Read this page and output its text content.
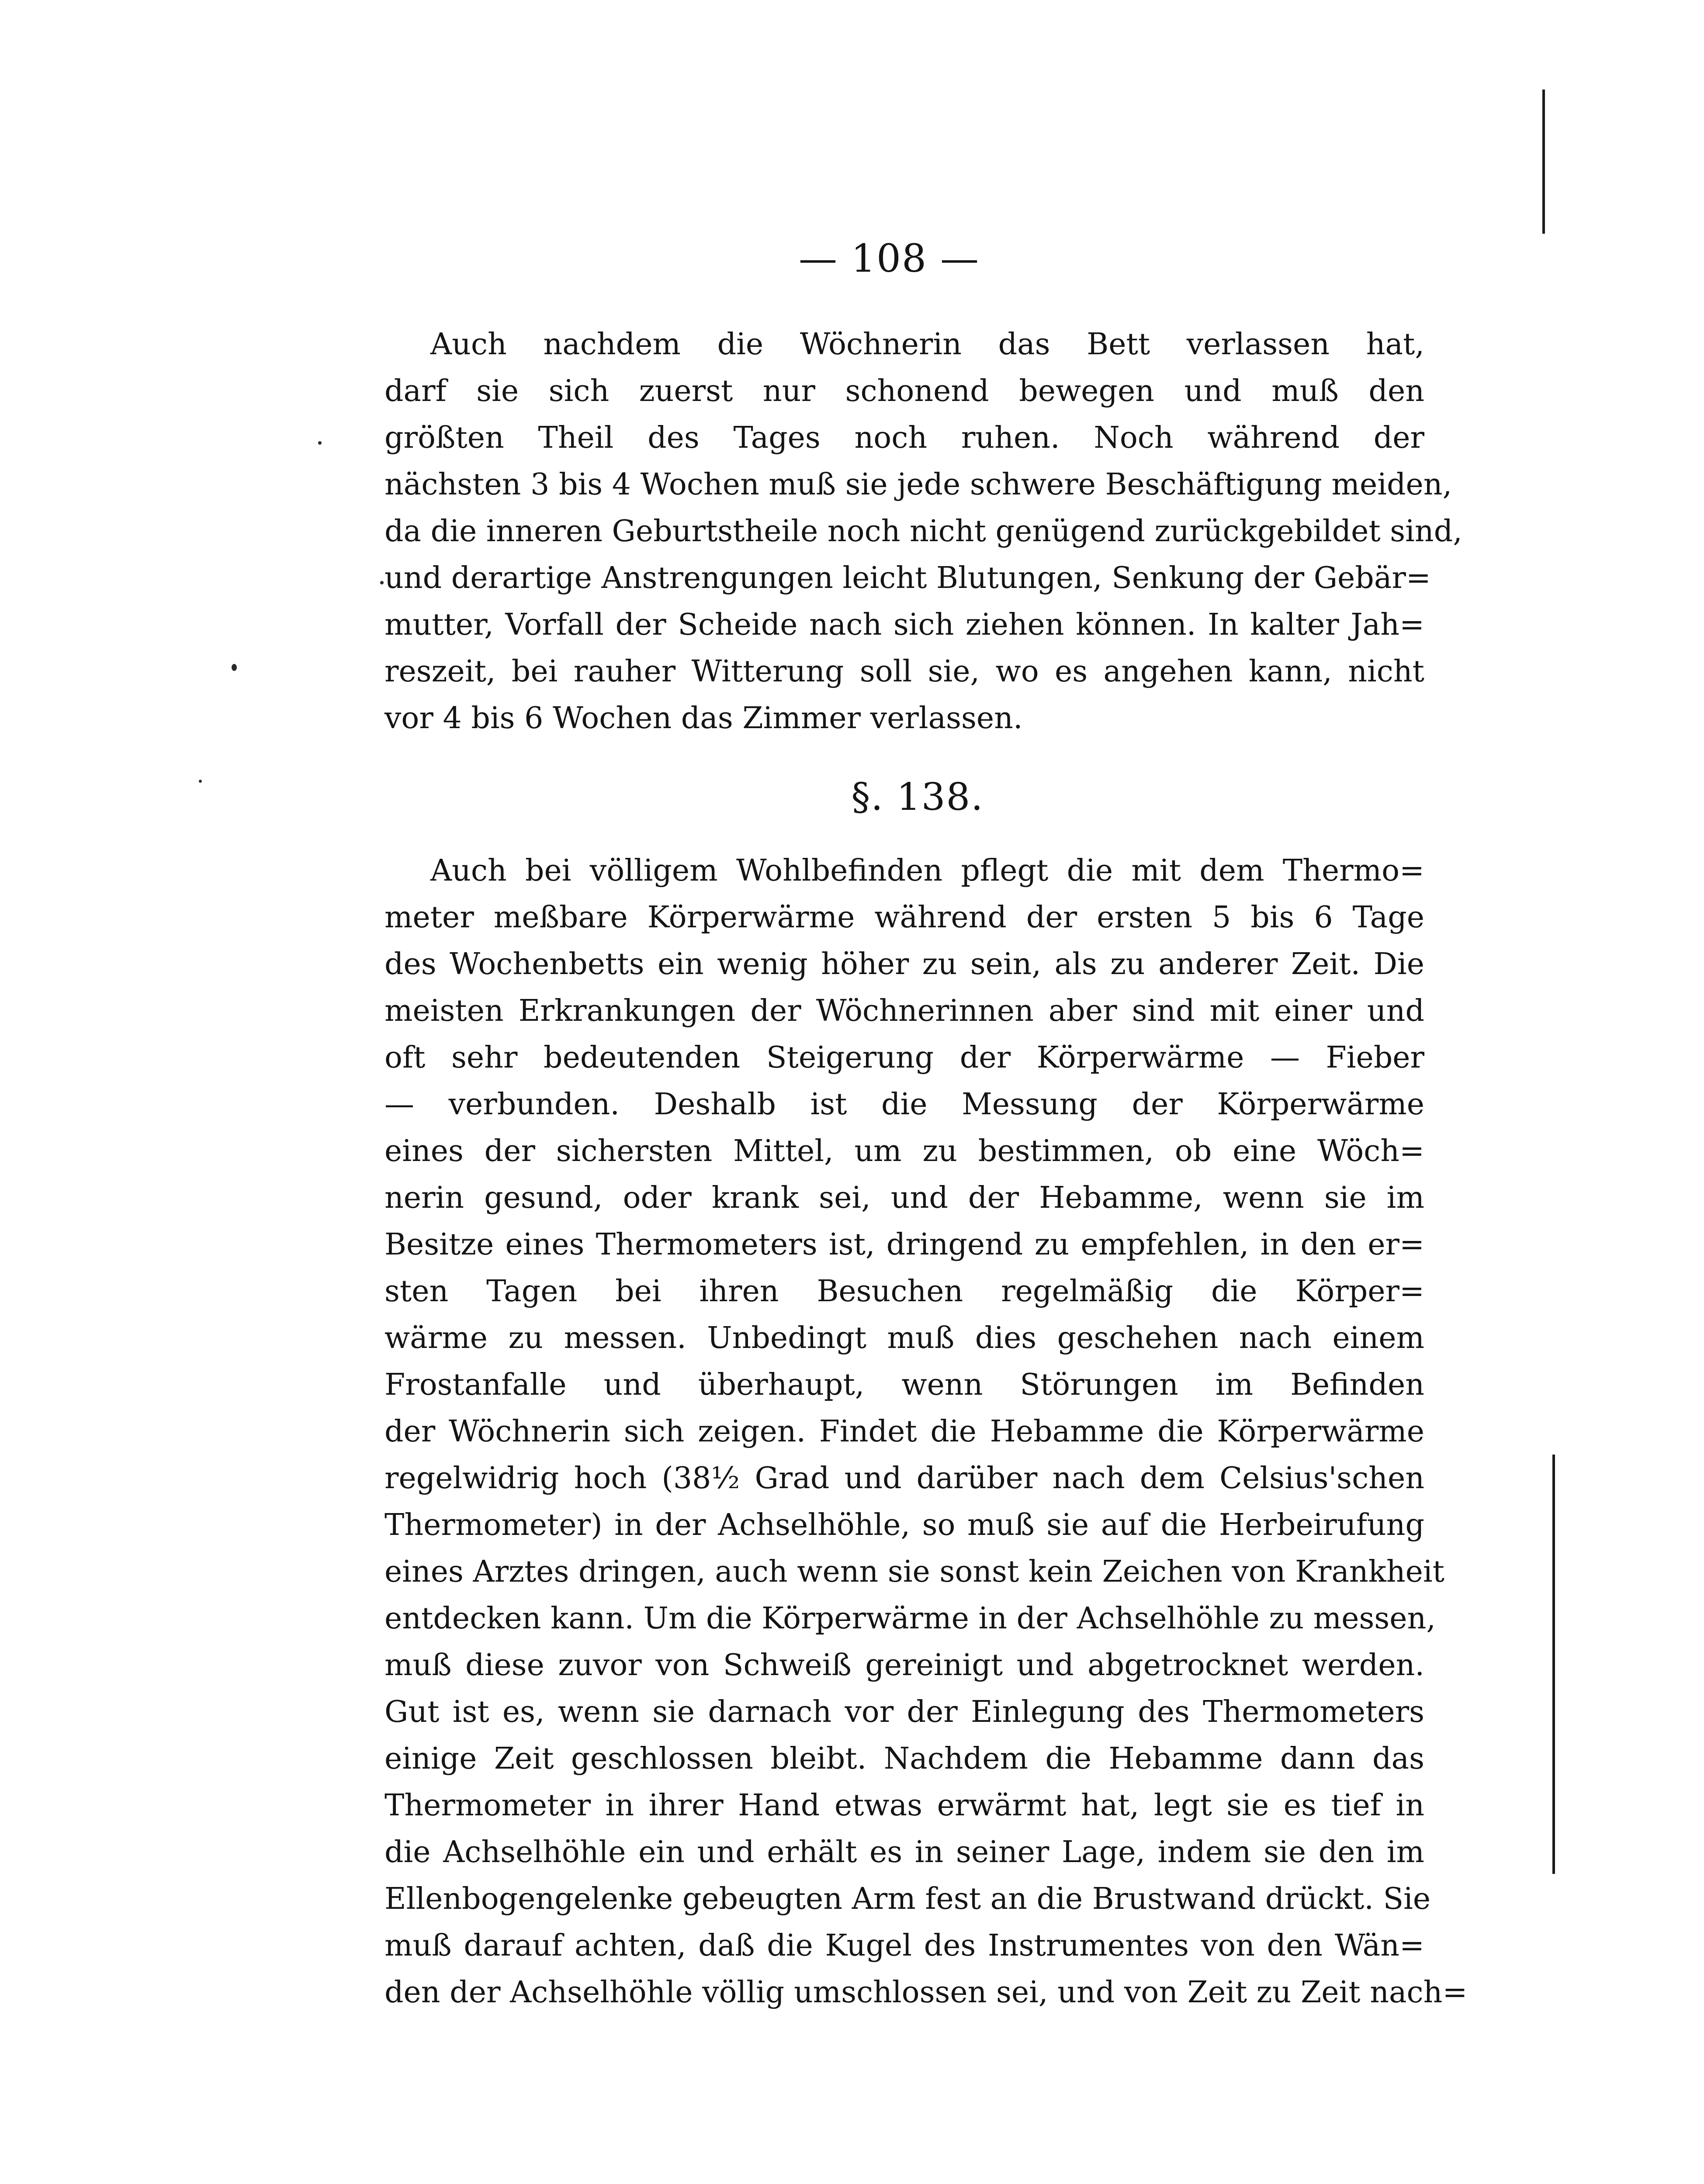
— 108 —
Auch nachdem die Wöchnerin das Bett verlassen hat,
darf sie sich zuerst nur schonend bewegen und muß den
größten Theil des Tages noch ruhen. Noch während der
nächsten 3 bis 4 Wochen muß sie jede schwere Beschäftigung meiden,
da die inneren Geburtstheile noch nicht genügend zurückgebildet sind,
und derartige Anstrengungen leicht Blutungen, Senkung der Gebär=
mutter, Vorfall der Scheide nach sich ziehen können. In kalter Jah=
reszeit, bei rauher Witterung soll sie, wo es angehen kann, nicht
vor 4 bis 6 Wochen das Zimmer verlassen.
§. 138.
Auch bei völligem Wohlbefinden pflegt die mit dem Thermo=
meter meßbare Körperwärme während der ersten 5 bis 6 Tage
des Wochenbetts ein wenig höher zu sein, als zu anderer Zeit. Die
meisten Erkrankungen der Wöchnerinnen aber sind mit einer und
oft sehr bedeutenden Steigerung der Körperwärme — Fieber
— verbunden. Deshalb ist die Messung der Körperwärme
eines der sichersten Mittel, um zu bestimmen, ob eine Wöch=
nerin gesund, oder krank sei, und der Hebamme, wenn sie im
Besitze eines Thermometers ist, dringend zu empfehlen, in den er=
sten Tagen bei ihren Besuchen regelmäßig die Körper=
wärme zu messen. Unbedingt muß dies geschehen nach einem
Frostanfalle und überhaupt, wenn Störungen im Befinden
der Wöchnerin sich zeigen. Findet die Hebamme die Körperwärme
regelwidrig hoch (38½ Grad und darüber nach dem Celsius'schen
Thermometer) in der Achselhöhle, so muß sie auf die Herbeirufung
eines Arztes dringen, auch wenn sie sonst kein Zeichen von Krankheit
entdecken kann. Um die Körperwärme in der Achselhöhle zu messen,
muß diese zuvor von Schweiß gereinigt und abgetrocknet werden.
Gut ist es, wenn sie darnach vor der Einlegung des Thermometers
einige Zeit geschlossen bleibt. Nachdem die Hebamme dann das
Thermometer in ihrer Hand etwas erwärmt hat, legt sie es tief in
die Achselhöhle ein und erhält es in seiner Lage, indem sie den im
Ellenbogengelenke gebeugten Arm fest an die Brustwand drückt. Sie
muß darauf achten, daß die Kugel des Instrumentes von den Wän=
den der Achselhöhle völlig umschlossen sei, und von Zeit zu Zeit nach=
